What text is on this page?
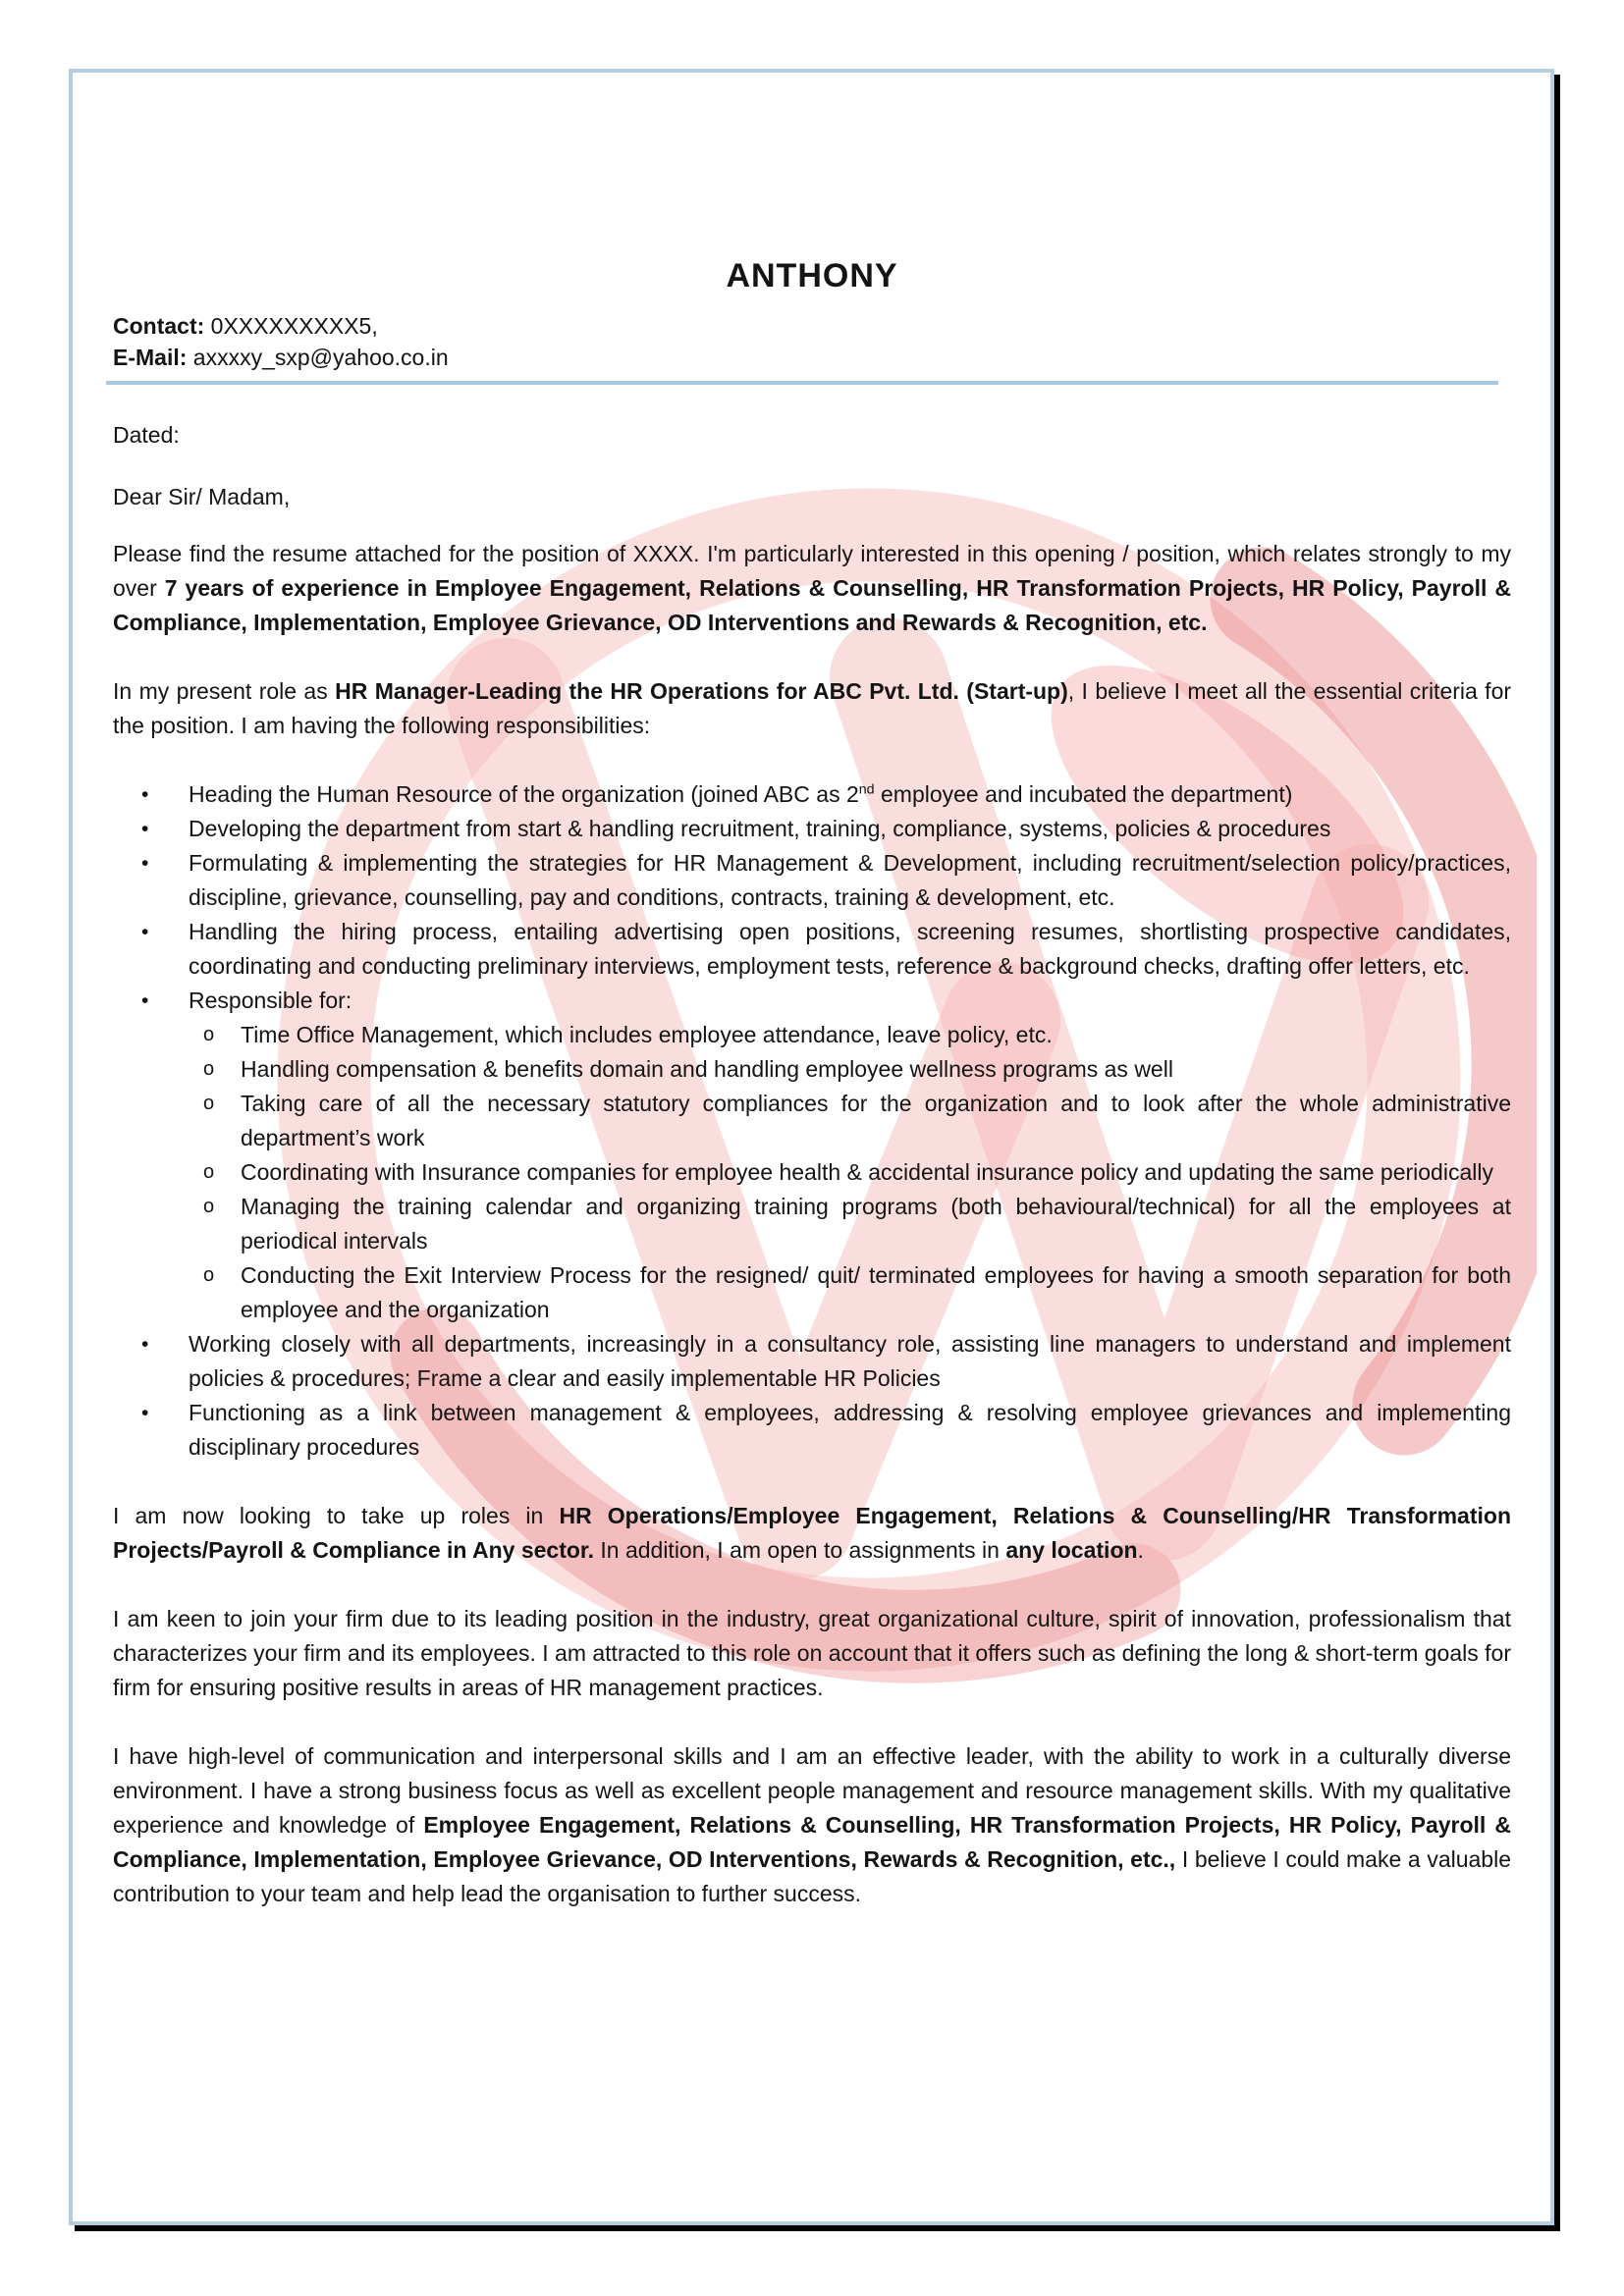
ANTHONY
Contact: 0XXXXXXXXX5,
E-Mail: axxxxy_sxp@yahoo.co.in
Dated:
Dear Sir/ Madam,

Please find the resume attached for the position of XXXX. I'm particularly interested in this opening / position, which relates strongly to my over 7 years of experience in Employee Engagement, Relations & Counselling, HR Transformation Projects, HR Policy, Payroll & Compliance, Implementation, Employee Grievance, OD Interventions and Rewards & Recognition, etc.

In my present role as HR Manager-Leading the HR Operations for ABC Pvt. Ltd. (Start-up), I believe I meet all the essential criteria for the position. I am having the following responsibilities:

•	Heading the Human Resource of the organization (joined ABC as 2nd employee and incubated the department)
•	Developing the department from start & handling recruitment, training, compliance, systems, policies & procedures
•	Formulating & implementing the strategies for HR Management & Development, including recruitment/selection policy/practices, discipline, grievance, counselling, pay and conditions, contracts, training & development, etc.
•	Handling the hiring process, entailing advertising open positions, screening resumes, shortlisting prospective candidates, coordinating and conducting preliminary interviews, employment tests, reference & background checks, drafting offer letters, etc.
•	Responsible for:
o	Time Office Management, which includes employee attendance, leave policy, etc.
o	Handling compensation & benefits domain and handling employee wellness programs as well
o	Taking care of all the necessary statutory compliances for the organization and to look after the whole administrative department’s work
o	Coordinating with Insurance companies for employee health & accidental insurance policy and updating the same periodically
o	Managing the training calendar and organizing training programs (both behavioural/technical) for all the employees at periodical intervals
o	Conducting the Exit Interview Process for the resigned/ quit/ terminated employees for having a smooth separation for both employee and the organization
•	Working closely with all departments, increasingly in a consultancy role, assisting line managers to understand and implement policies & procedures; Frame a clear and easily implementable HR Policies
•	Functioning as a link between management & employees, addressing & resolving employee grievances and implementing disciplinary procedures

I am now looking to take up roles in HR Operations/Employee Engagement, Relations & Counselling/HR Transformation Projects/Payroll & Compliance in Any sector. In addition, I am open to assignments in any location.

I am keen to join your firm due to its leading position in the industry, great organizational culture, spirit of innovation, professionalism that characterizes your firm and its employees. I am attracted to this role on account that it offers such as defining the long & short-term goals for firm for ensuring positive results in areas of HR management practices.

I have high-level of communication and interpersonal skills and I am an effective leader, with the ability to work in a culturally diverse environment. I have a strong business focus as well as excellent people management and resource management skills. With my qualitative experience and knowledge of Employee Engagement, Relations & Counselling, HR Transformation Projects, HR Policy, Payroll & Compliance, Implementation, Employee Grievance, OD Interventions, Rewards & Recognition, etc., I believe I could make a valuable contribution to your team and help lead the organisation to further success.
